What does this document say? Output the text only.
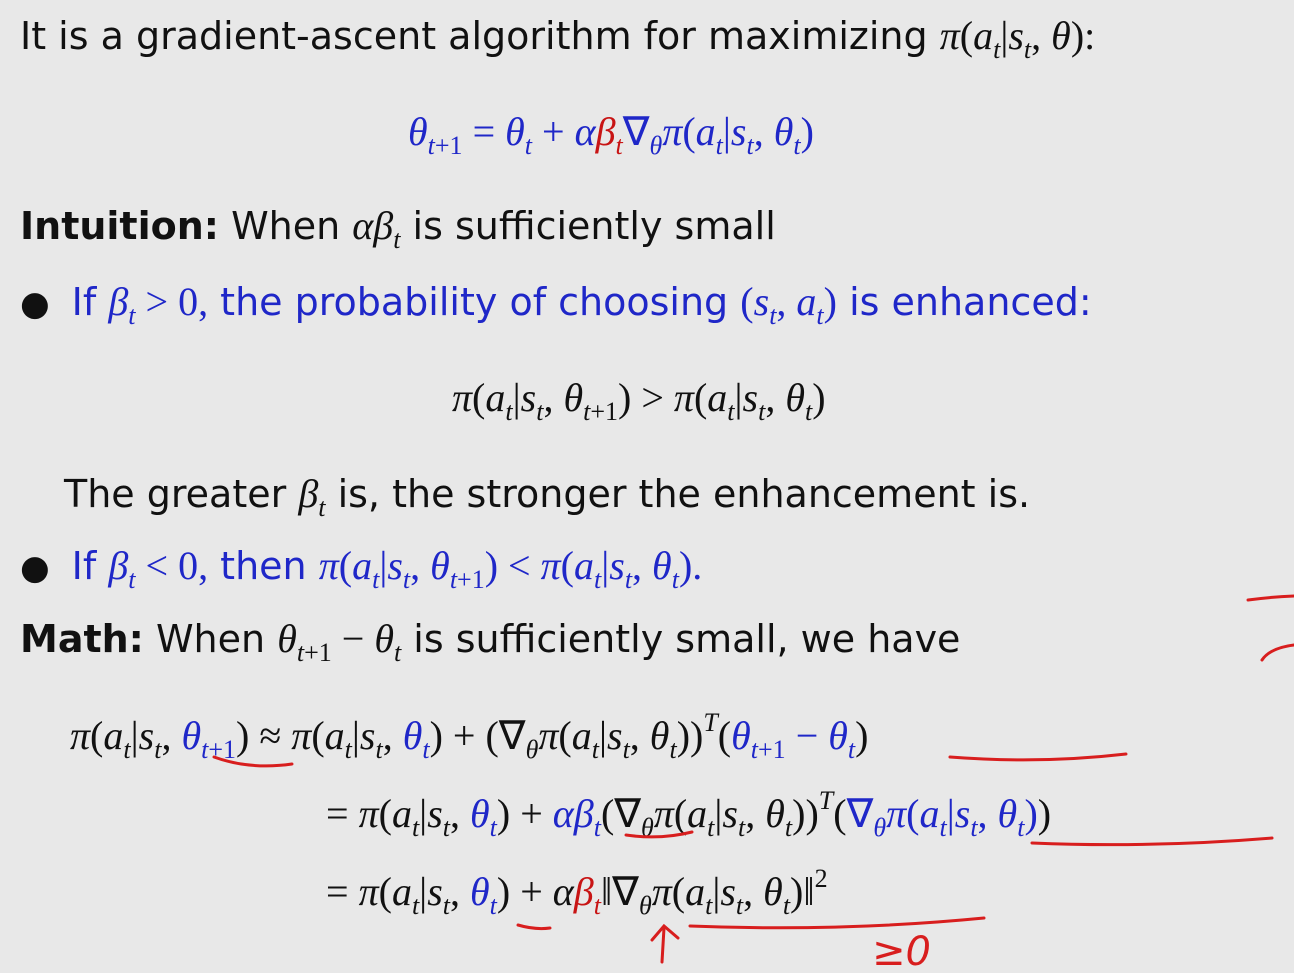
It is a gradient-ascent algorithm for maximizing $\pi(a_t|s_t$, θ):
$\theta_{t+1} = \theta_t + \alpha\beta_t\nabla_\theta\pi(a_t|s_t$, $\theta_t$)
Intuition: When $\alpha\beta_t$ is sufficiently small
● If $\beta_t > 0$, the probability of choosing ($s_t$, $a_t$) is enhanced:
$\pi(a_t|s_t$, $\theta_{t+1}) > \pi(a_t|s_t$, $\theta_t$)
The greater $\beta_t$ is, the stronger the enhancement is.
● If $\beta_t < 0$, then $\pi(a_t|s_t$, $\theta_{t+1}) < \pi(a_t|s_t$, $\theta_t$).
Math: When $\theta_{t+1} - \theta_t$ is sufficiently small, we have
$\pi(a_t|s_t$, $\theta_{t+1}) \approx \pi(a_t|s_t$, $\theta_t) + (\nabla_\theta\pi(a_t|s_t$, $\theta_t))^T(\theta_{t+1} - \theta_t)$
= $\pi(a_t|s_t$, $\theta_t) + \alpha\beta_t(\nabla_\theta\pi(a_t|s_t$, $\theta_t))^T(\nabla_\theta\pi(a_t|s_t$, $\theta_t$))
= $\pi(a_t|s_t$, $\theta_t$) + $\alpha\beta_t‖\nabla_\theta\pi(a_t|s_t$, $\theta_t)‖^2$
≥0
